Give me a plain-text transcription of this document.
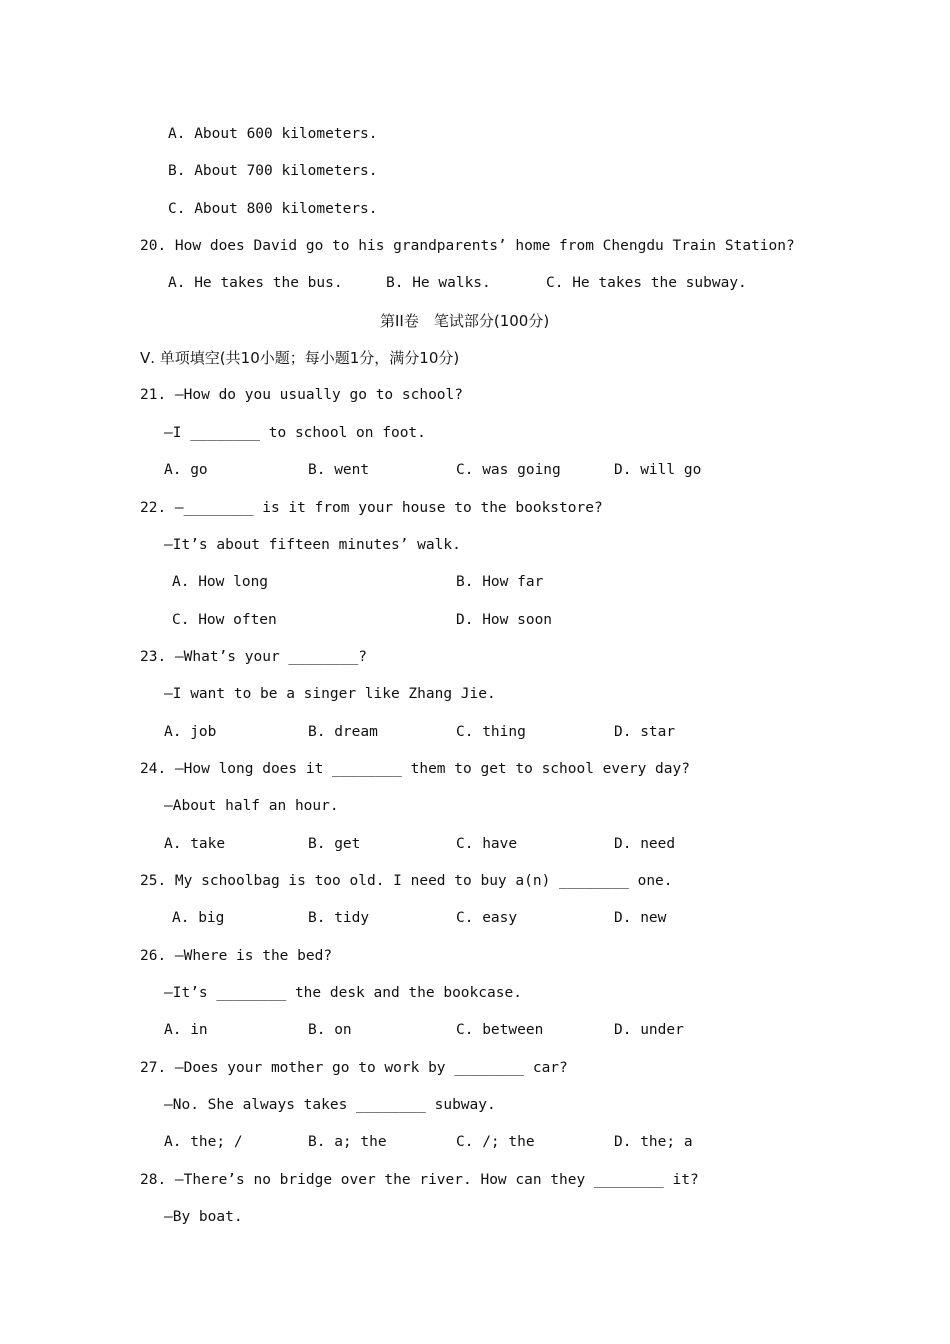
A. About 600 kilometers.
B. About 700 kilometers.
C. About 800 kilometers.
20. How does David go to his grandparents’ home from Chengdu Train Station?
A. He takes the bus.	B. He walks.	C. He takes the subway.
第II卷　笔试部分(100分)
Ⅴ. 单项填空(共10小题；每小题1分，满分10分)
21. —How do you usually go to school?
—I ________ to school on foot.
A. go	B. went	C. was going	D. will go
22. —________ is it from your house to the bookstore?
—It’s about fifteen minutes’ walk.
A. How long	B. How far
C. How often	D. How soon
23. —What’s your ________?
—I want to be a singer like Zhang Jie.
A. job	B. dream	C. thing	D. star
24. —How long does it ________ them to get to school every day?
—About half an hour.
A. take	B. get	C. have	D. need
25. My schoolbag is too old. I need to buy a(n) ________ one.
A. big	B. tidy	C. easy	D. new
26. —Where is the bed?
—It’s ________ the desk and the bookcase.
A. in	B. on	C. between	D. under
27. —Does your mother go to work by ________ car?
—No. She always takes ________ subway.
A. the; /	B. a; the	C. /; the	D. the; a
28. —There’s no bridge over the river. How can they ________ it?
—By boat.
